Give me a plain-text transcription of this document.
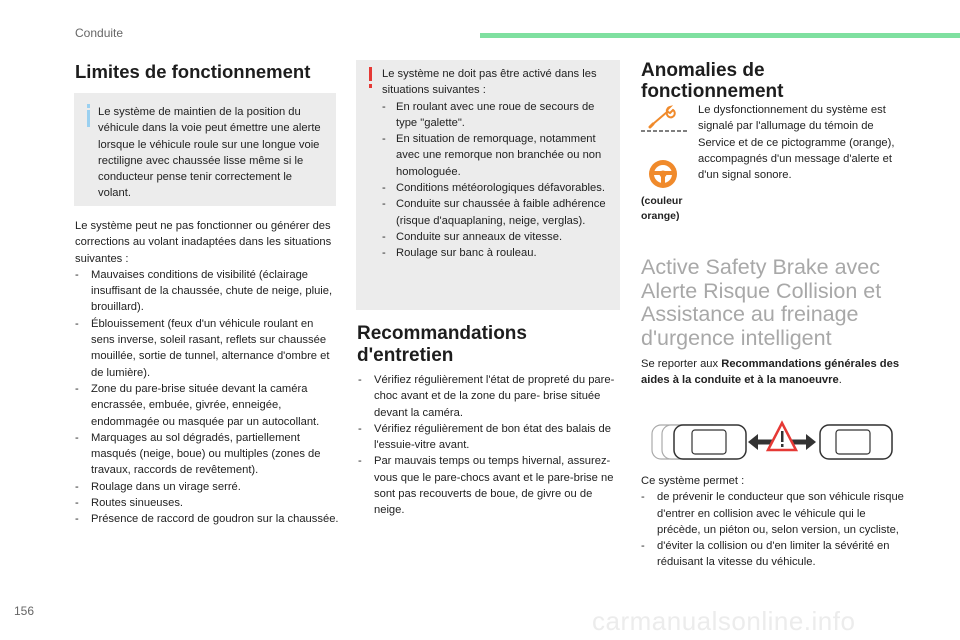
Conduite
Limites de fonctionnement
Le système de maintien de la position du véhicule dans la voie peut émettre une alerte lorsque le véhicule roule sur une longue voie rectiligne avec chaussée lisse même si le conducteur pense tenir correctement le volant.

Le système peut ne pas fonctionner ou générer des corrections au volant inadaptées dans les situations suivantes :

- Mauvaises conditions de visibilité (éclairage insuffisant de la chaussée, chute de neige, pluie, brouillard).

- Éblouissement (feux d'un véhicule roulant en sens inverse, soleil rasant, reflets sur chaussée mouillée, sortie de tunnel, alternance d'ombre et de lumière).

- Zone du pare-brise située devant la caméra encrassée, embuée, givrée, enneigée, endommagée ou masquée par un autocollant.

- Marquages au sol dégradés, partiellement masqués (neige, boue) ou multiples (zones de travaux, raccords de revêtement).

- Roulage dans un virage serré.

- Routes sinueuses.

- Présence de raccord de goudron sur la chaussée.

Le système ne doit pas être activé dans les situations suivantes :

- En roulant avec une roue de secours de type "galette".

- En situation de remorquage, notamment avec une remorque non branchée ou non homologuée.

- Conditions météorologiques défavorables.

- Conduite sur chaussée à faible adhérence (risque d'aquaplaning, neige, verglas).

- Conduite sur anneaux de vitesse.

- Roulage sur banc à rouleau.

Recommandations d'entretien

- Vérifiez régulièrement l'état de propreté du pare-choc avant et de la zone du pare- brise située devant la caméra.

- Vérifiez régulièrement de bon état des balais de l'essuie-vitre avant.

- Par mauvais temps ou temps hivernal, assurez-vous que le pare-chocs avant et le pare-brise ne sont pas recouverts de boue, de givre ou de neige.

Anomalies de fonctionnement
(couleur orange)
Le dysfonctionnement du système est signalé par l'allumage du témoin de Service et de ce pictogramme (orange), accompagnés d'un message d'alerte et d'un signal sonore.
Active Safety Brake avec Alerte Risque Collision et Assistance au freinage d'urgence intelligent
Se reporter aux Recommandations générales des aides à la conduite et à la manoeuvre.

Ce système permet :

- de prévenir le conducteur que son véhicule risque d'entrer en collision avec le véhicule qui le précède, un piéton ou, selon version, un cycliste,

- d'éviter la collision ou d'en limiter la sévérité en réduisant la vitesse du véhicule.

156	carmanualsonline.info
